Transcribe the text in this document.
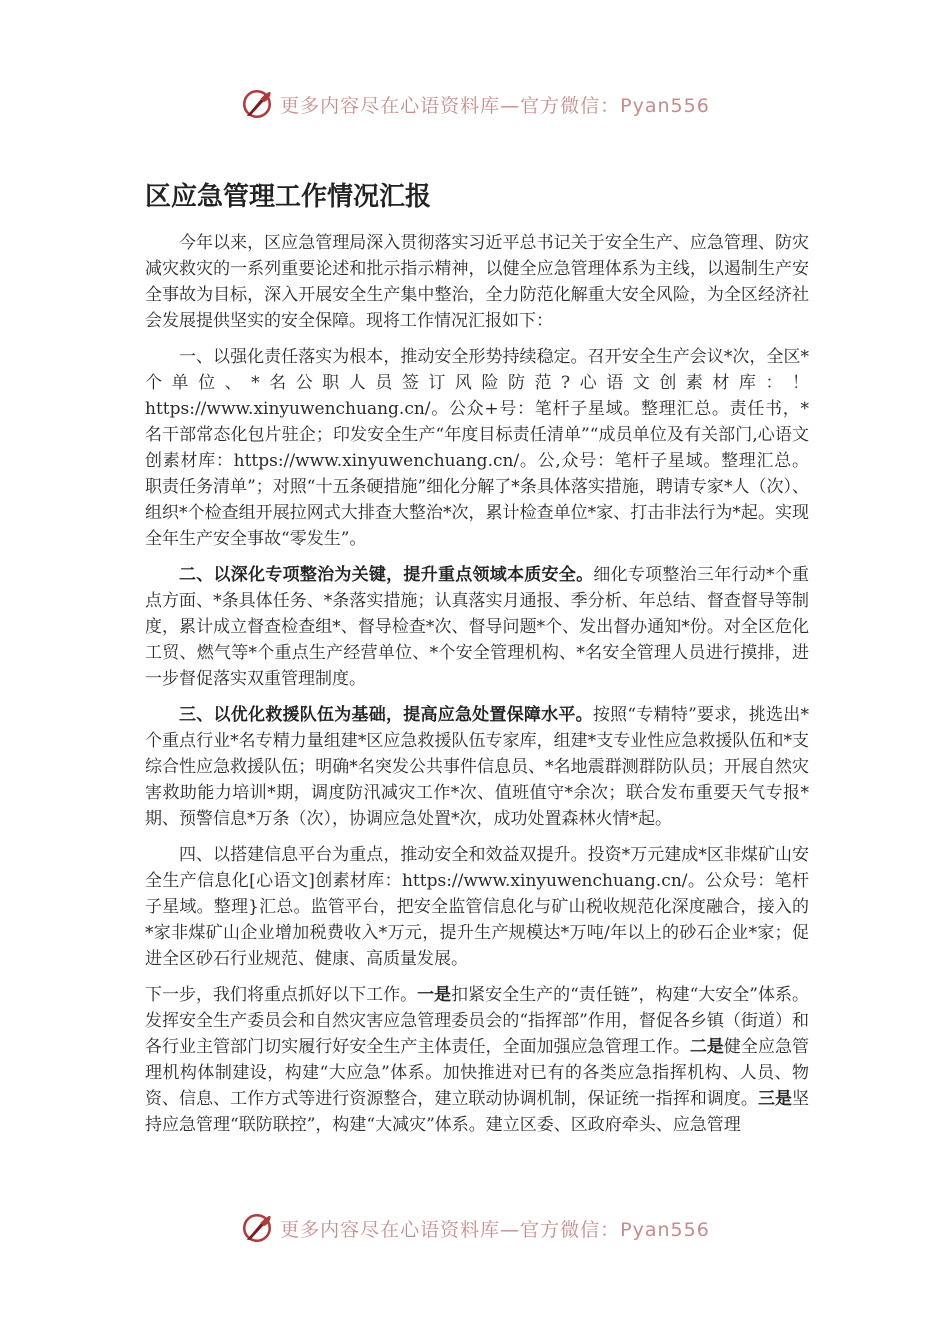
更多内容尽在心语资料库—官方微信：Pyan556
区应急管理工作情况汇报

今年以来，区应急管理局深入贯彻落实习近平总书记关于安全生产、应急管理、防灾减灾救灾的一系列重要论述和批示指示精神，以健全应急管理体系为主线，以遏制生产安全事故为目标，深入开展安全生产集中整治，全力防范化解重大安全风险，为全区经济社会发展提供坚实的安全保障。现将工作情况汇报如下：

一、以强化责任落实为根本，推动安全形势持续稳定。召开安全生产会议*次，全区*个单位、*名公职人员签订风险防范?心语文创素材库：！https://www.xinyuwenchuang.cn/。公众+号：笔杆子星域。整理汇总。责任书，*名干部常态化包片驻企；印发安全生产“年度目标责任清单”“成员单位及有关部门,心语文创素材库：https://www.xinyuwenchuang.cn/。公,众号：笔杆子星域。整理汇总。职责任务清单”；对照“十五条硬措施”细化分解了*条具体落实措施，聘请专家*人（次）、组织*个检查组开展拉网式大排查大整治*次，累计检查单位*家、打击非法行为*起。实现全年生产安全事故“零发生”。

二、以深化专项整治为关键，提升重点领域本质安全。细化专项整治三年行动*个重点方面、*条具体任务、*条落实措施；认真落实月通报、季分析、年总结、督查督导等制度，累计成立督查检查组*、督导检查*次、督导问题*个、发出督办通知*份。对全区危化工贸、燃气等*个重点生产经营单位、*个安全管理机构、*名安全管理人员进行摸排，进一步督促落实双重管理制度。

三、以优化救援队伍为基础，提高应急处置保障水平。按照“专精特”要求，挑选出*个重点行业*名专精力量组建*区应急救援队伍专家库，组建*支专业性应急救援队伍和*支综合性应急救援队伍；明确*名突发公共事件信息员、*名地震群测群防队员；开展自然灾害救助能力培训*期，调度防汛减灾工作*次、值班值守*余次；联合发布重要天气专报*期、预警信息*万条（次），协调应急处置*次，成功处置森林火情*起。

四、以搭建信息平台为重点，推动安全和效益双提升。投资*万元建成*区非煤矿山安全生产信息化[心语文]创素材库：https://www.xinyuwenchuang.cn/。公众号：笔杆子星域。整理}汇总。监管平台，把安全监管信息化与矿山税收规范化深度融合，接入的*家非煤矿山企业增加税费收入*万元，提升生产规模达*万吨/年以上的砂石企业*家；促进全区砂石行业规范、健康、高质量发展。

下一步，我们将重点抓好以下工作。一是扣紧安全生产的“责任链”，构建“大安全”体系。发挥安全生产委员会和自然灾害应急管理委员会的“指挥部”作用，督促各乡镇（街道）和各行业主管部门切实履行好安全生产主体责任，全面加强应急管理工作。二是健全应急管理机构体制建设，构建“大应急”体系。加快推进对已有的各类应急指挥机构、人员、物资、信息、工作方式等进行资源整合，建立联动协调机制，保证统一指挥和调度。三是坚持应急管理“联防联控”，构建“大减灾”体系。建立区委、区政府牵头、应急管理

更多内容尽在心语资料库—官方微信：Pyan556
